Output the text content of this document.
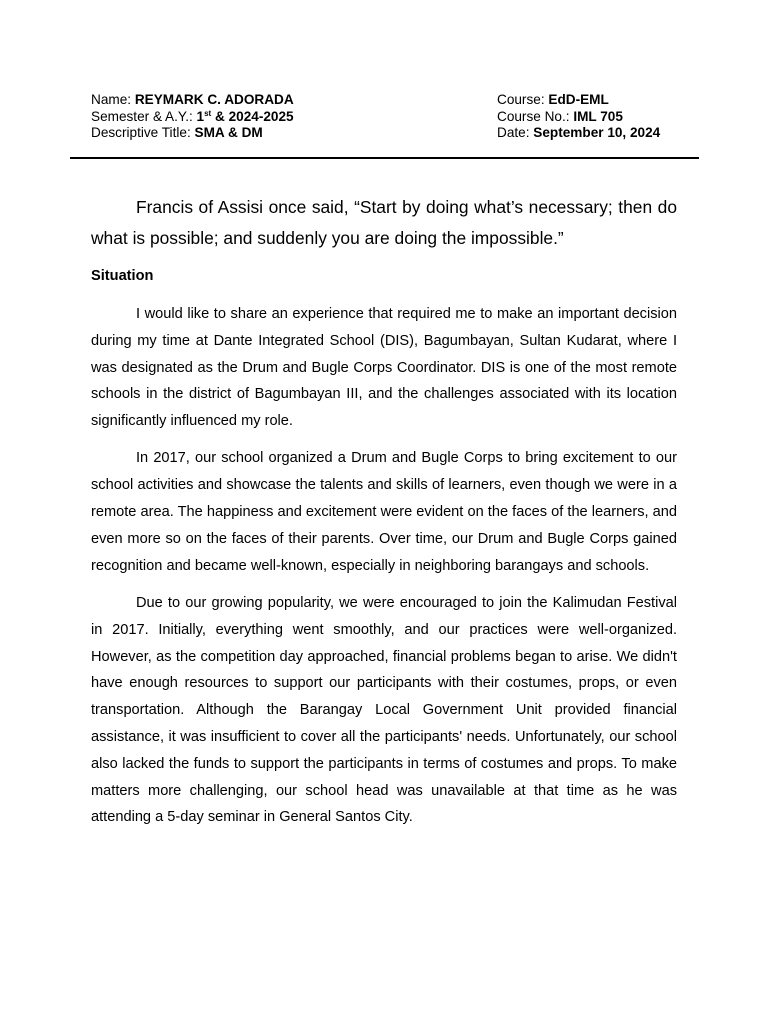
Name: REYMARK C. ADORADA	Course: EdD-EML
Semester & A.Y.: 1st & 2024-2025	Course No.: IML 705
Descriptive Title: SMA & DM	Date: September 10, 2024

Francis of Assisi once said, “Start by doing what’s necessary; then do what is possible; and suddenly you are doing the impossible.”

Situation

I would like to share an experience that required me to make an important decision during my time at Dante Integrated School (DIS), Bagumbayan, Sultan Kudarat, where I was designated as the Drum and Bugle Corps Coordinator. DIS is one of the most remote schools in the district of Bagumbayan III, and the challenges associated with its location significantly influenced my role.

In 2017, our school organized a Drum and Bugle Corps to bring excitement to our school activities and showcase the talents and skills of learners, even though we were in a remote area. The happiness and excitement were evident on the faces of the learners, and even more so on the faces of their parents. Over time, our Drum and Bugle Corps gained recognition and became well-known, especially in neighboring barangays and schools.

Due to our growing popularity, we were encouraged to join the Kalimudan Festival in 2017. Initially, everything went smoothly, and our practices were well-organized. However, as the competition day approached, financial problems began to arise. We didn't have enough resources to support our participants with their costumes, props, or even transportation. Although the Barangay Local Government Unit provided financial assistance, it was insufficient to cover all the participants' needs. Unfortunately, our school also lacked the funds to support the participants in terms of costumes and props. To make matters more challenging, our school head was unavailable at that time as he was attending a 5-day seminar in General Santos City.
